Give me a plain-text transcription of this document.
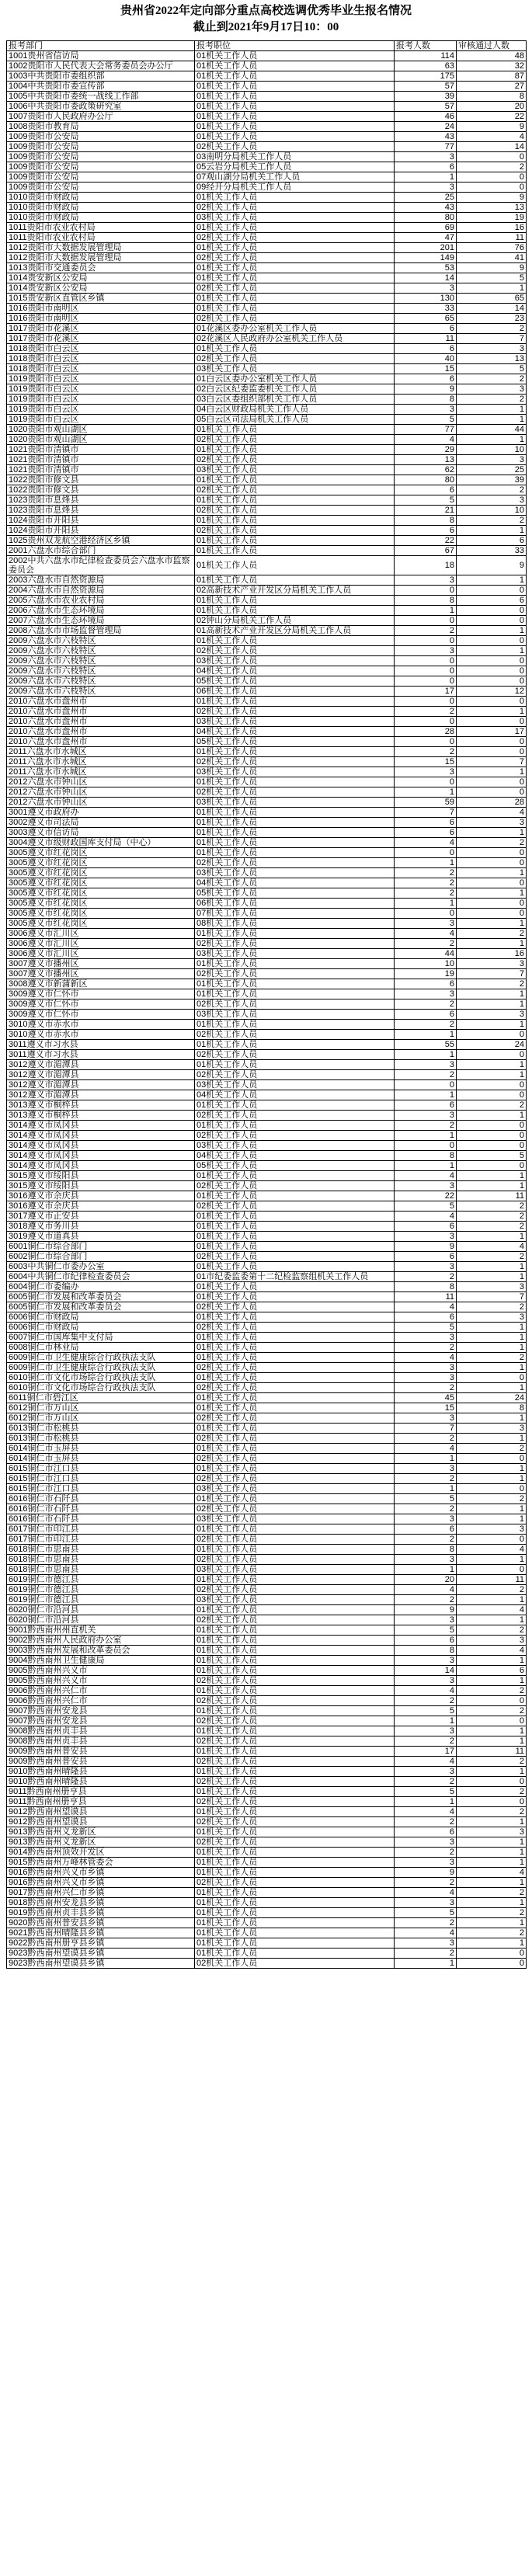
贵州省2022年定向部分重点高校选调优秀毕业生报名情况
截止到2021年9月17日10：00
报考部门	报考职位	报考人数	审核通过人数
1001贵州省信访局	01机关工作人员	114	48
1002贵阳市人民代表大会常务委员会办公厅	01机关工作人员	63	32
1003中共贵阳市委组织部	01机关工作人员	175	87
1004中共贵阳市委宣传部	01机关工作人员	57	27
1005中共贵阳市委统一战线工作部	01机关工作人员	39	8
1006中共贵阳市委政策研究室	01机关工作人员	57	20
1007贵阳市人民政府办公厅	01机关工作人员	46	22
1008贵阳市教育局	01机关工作人员	24	9
1009贵阳市公安局	01机关工作人员	43	4
1009贵阳市公安局	02机关工作人员	77	14
1009贵阳市公安局	03南明分局机关工作人员	3	0
1009贵阳市公安局	05云岩分局机关工作人员	6	2
1009贵阳市公安局	07观山湖分局机关工作人员	1	0
1009贵阳市公安局	09经开分局机关工作人员	3	0
1010贵阳市财政局	01机关工作人员	25	9
1010贵阳市财政局	02机关工作人员	43	13
1010贵阳市财政局	03机关工作人员	80	19
1011贵阳市农业农村局	01机关工作人员	69	16
1011贵阳市农业农村局	02机关工作人员	47	11
1012贵阳市大数据发展管理局	01机关工作人员	201	76
1012贵阳市大数据发展管理局	02机关工作人员	149	41
1013贵阳市交通委员会	01机关工作人员	53	9
1014贵安新区公安局	01机关工作人员	14	5
1014贵安新区公安局	02机关工作人员	3	1
1015贵安新区直管区乡镇	01机关工作人员	130	65
1016贵阳市南明区	01机关工作人员	33	14
1016贵阳市南明区	02机关工作人员	65	23
1017贵阳市花溪区	01花溪区委办公室机关工作人员	6	2
1017贵阳市花溪区	02花溪区人民政府办公室机关工作人员	11	7
1018贵阳市白云区	01机关工作人员	6	3
1018贵阳市白云区	02机关工作人员	40	13
1018贵阳市白云区	03机关工作人员	15	5
1019贵阳市白云区	01白云区委办公室机关工作人员	6	2
1019贵阳市白云区	02白云区纪委监委机关工作人员	9	3
1019贵阳市白云区	03白云区委组织部机关工作人员	8	2
1019贵阳市白云区	04白云区财政局机关工作人员	3	1
1019贵阳市白云区	05白云区司法局机关工作人员	5	1
1020贵阳市观山湖区	01机关工作人员	77	44
1020贵阳市观山湖区	02机关工作人员	4	1
1021贵阳市清镇市	01机关工作人员	29	10
1021贵阳市清镇市	02机关工作人员	13	3
1021贵阳市清镇市	03机关工作人员	62	25
1022贵阳市修文县	01机关工作人员	80	39
1022贵阳市修文县	02机关工作人员	6	2
1023贵阳市息烽县	01机关工作人员	5	3
1023贵阳市息烽县	02机关工作人员	21	10
1024贵阳市开阳县	01机关工作人员	8	2
1024贵阳市开阳县	02机关工作人员	6	1
1025贵州双龙航空港经济区乡镇	01机关工作人员	22	6
2001六盘水市综合部门	01机关工作人员	67	33
2002中共六盘水市纪律检查委员会六盘水市监察委员会	01机关工作人员	18	9
2003六盘水市自然资源局	01机关工作人员	3	1
2004六盘水市自然资源局	02高新技术产业开发区分局机关工作人员	0	0
2005六盘水市农业农村局	01机关工作人员	8	6
2006六盘水市生态环境局	01机关工作人员	1	0
2007六盘水市生态环境局	02钟山分局机关工作人员	0	0
2008六盘水市市场监督管理局	01高新技术产业开发区分局机关工作人员	2	1
2009六盘水市六枝特区	01机关工作人员	0	0
2009六盘水市六枝特区	02机关工作人员	3	1
2009六盘水市六枝特区	03机关工作人员	0	0
2009六盘水市六枝特区	04机关工作人员	0	0
2009六盘水市六枝特区	05机关工作人员	0	0
2009六盘水市六枝特区	06机关工作人员	17	12
2010六盘水市盘州市	01机关工作人员	0	0
2010六盘水市盘州市	02机关工作人员	2	1
2010六盘水市盘州市	03机关工作人员	0	0
2010六盘水市盘州市	04机关工作人员	28	17
2010六盘水市盘州市	05机关工作人员	0	0
2011六盘水市水城区	01机关工作人员	2	0
2011六盘水市水城区	02机关工作人员	15	7
2011六盘水市水城区	03机关工作人员	3	1
2012六盘水市钟山区	01机关工作人员	0	0
2012六盘水市钟山区	02机关工作人员	1	0
2012六盘水市钟山区	03机关工作人员	59	28
3001遵义市政府办	01机关工作人员	7	4
3002遵义市司法局	01机关工作人员	6	3
3003遵义市信访局	01机关工作人员	6	1
3004遵义市级财政国库支付局（中心）	01机关工作人员	4	2
3005遵义市红花岗区	01机关工作人员	0	0
3005遵义市红花岗区	02机关工作人员	1	0
3005遵义市红花岗区	03机关工作人员	2	1
3005遵义市红花岗区	04机关工作人员	2	0
3005遵义市红花岗区	05机关工作人员	2	1
3005遵义市红花岗区	06机关工作人员	1	0
3005遵义市红花岗区	07机关工作人员	0	0
3005遵义市红花岗区	08机关工作人员	3	1
3006遵义市汇川区	01机关工作人员	4	2
3006遵义市汇川区	02机关工作人员	2	1
3006遵义市汇川区	03机关工作人员	44	16
3007遵义市播州区	01机关工作人员	10	3
3007遵义市播州区	02机关工作人员	19	7
3008遵义市新蒲新区	01机关工作人员	6	2
3009遵义市仁怀市	01机关工作人员	3	1
3009遵义市仁怀市	02机关工作人员	2	1
3009遵义市仁怀市	03机关工作人员	6	3
3010遵义市赤水市	01机关工作人员	2	1
3010遵义市赤水市	02机关工作人员	1	0
3011遵义市习水县	01机关工作人员	55	24
3011遵义市习水县	02机关工作人员	1	0
3012遵义市湄潭县	01机关工作人员	3	1
3012遵义市湄潭县	02机关工作人员	2	1
3012遵义市湄潭县	03机关工作人员	0	0
3012遵义市湄潭县	04机关工作人员	1	0
3013遵义市桐梓县	01机关工作人员	6	2
3013遵义市桐梓县	02机关工作人员	3	1
3014遵义市凤冈县	01机关工作人员	2	0
3014遵义市凤冈县	02机关工作人员	1	0
3014遵义市凤冈县	03机关工作人员	0	0
3014遵义市凤冈县	04机关工作人员	8	5
3014遵义市凤冈县	05机关工作人员	1	0
3015遵义市绥阳县	01机关工作人员	4	1
3015遵义市绥阳县	02机关工作人员	3	1
3016遵义市余庆县	01机关工作人员	22	11
3016遵义市余庆县	02机关工作人员	5	2
3017遵义市正安县	01机关工作人员	4	2
3018遵义市务川县	01机关工作人员	6	2
3019遵义市道真县	01机关工作人员	3	1
6001铜仁市综合部门	01机关工作人员	9	4
6002铜仁市综合部门	02机关工作人员	6	2
6003中共铜仁市委办公室	01机关工作人员	3	1
6004中共铜仁市纪律检查委员会	01市纪委监委第十二纪检监察组机关工作人员	2	1
6004铜仁市委编办	01机关工作人员	8	3
6005铜仁市发展和改革委员会	01机关工作人员	11	7
6005铜仁市发展和改革委员会	02机关工作人员	4	2
6006铜仁市财政局	01机关工作人员	6	3
6006铜仁市财政局	02机关工作人员	5	1
6007铜仁市国库集中支付局	01机关工作人员	3	1
6008铜仁市林业局	01机关工作人员	2	1
6009铜仁市卫生健康综合行政执法支队	01机关工作人员	4	2
6009铜仁市卫生健康综合行政执法支队	02机关工作人员	3	1
6010铜仁市文化市场综合行政执法支队	01机关工作人员	3	0
6010铜仁市文化市场综合行政执法支队	02机关工作人员	2	1
6011铜仁市碧江区	01机关工作人员	45	24
6012铜仁市万山区	01机关工作人员	15	8
6012铜仁市万山区	02机关工作人员	3	1
6013铜仁市松桃县	01机关工作人员	7	3
6013铜仁市松桃县	02机关工作人员	2	1
6014铜仁市玉屏县	01机关工作人员	4	2
6014铜仁市玉屏县	02机关工作人员	1	0
6015铜仁市江口县	01机关工作人员	3	1
6015铜仁市江口县	02机关工作人员	2	1
6015铜仁市江口县	03机关工作人员	1	0
6016铜仁市石阡县	01机关工作人员	5	2
6016铜仁市石阡县	02机关工作人员	2	1
6016铜仁市石阡县	03机关工作人员	3	1
6017铜仁市印江县	01机关工作人员	6	3
6017铜仁市印江县	02机关工作人员	2	0
6018铜仁市思南县	01机关工作人员	8	4
6018铜仁市思南县	02机关工作人员	3	1
6018铜仁市思南县	03机关工作人员	1	0
6019铜仁市德江县	01机关工作人员	20	11
6019铜仁市德江县	02机关工作人员	4	2
6019铜仁市德江县	03机关工作人员	2	1
6020铜仁市沿河县	01机关工作人员	9	4
6020铜仁市沿河县	02机关工作人员	3	1
9001黔西南州州直机关	01机关工作人员	5	2
9002黔西南州人民政府办公室	01机关工作人员	6	3
9003黔西南州发展和改革委员会	01机关工作人员	8	4
9004黔西南州卫生健康局	01机关工作人员	3	1
9005黔西南州兴义市	01机关工作人员	14	6
9005黔西南州兴义市	02机关工作人员	3	1
9006黔西南州兴仁市	01机关工作人员	4	2
9006黔西南州兴仁市	02机关工作人员	2	0
9007黔西南州安龙县	01机关工作人员	5	2
9007黔西南州安龙县	02机关工作人员	1	0
9008黔西南州贞丰县	01机关工作人员	3	1
9008黔西南州贞丰县	02机关工作人员	2	1
9009黔西南州普安县	01机关工作人员	17	11
9009黔西南州普安县	02机关工作人员	4	2
9010黔西南州晴隆县	01机关工作人员	3	1
9010黔西南州晴隆县	02机关工作人员	2	0
9011黔西南州册亨县	01机关工作人员	5	2
9011黔西南州册亨县	02机关工作人员	1	0
9012黔西南州望谟县	01机关工作人员	4	2
9012黔西南州望谟县	02机关工作人员	2	1
9013黔西南州义龙新区	01机关工作人员	6	3
9013黔西南州义龙新区	02机关工作人员	3	1
9014黔西南州顶效开发区	01机关工作人员	2	1
9015黔西南州万峰林管委会	01机关工作人员	3	1
9016黔西南州兴义市乡镇	01机关工作人员	9	4
9016黔西南州兴义市乡镇	02机关工作人员	2	1
9017黔西南州兴仁市乡镇	01机关工作人员	4	2
9018黔西南州安龙县乡镇	01机关工作人员	3	1
9019黔西南州贞丰县乡镇	01机关工作人员	5	2
9020黔西南州普安县乡镇	01机关工作人员	2	1
9021黔西南州晴隆县乡镇	01机关工作人员	4	2
9022黔西南州册亨县乡镇	01机关工作人员	3	1
9023黔西南州望谟县乡镇	01机关工作人员	2	0
9023黔西南州望谟县乡镇	02机关工作人员	1	0
